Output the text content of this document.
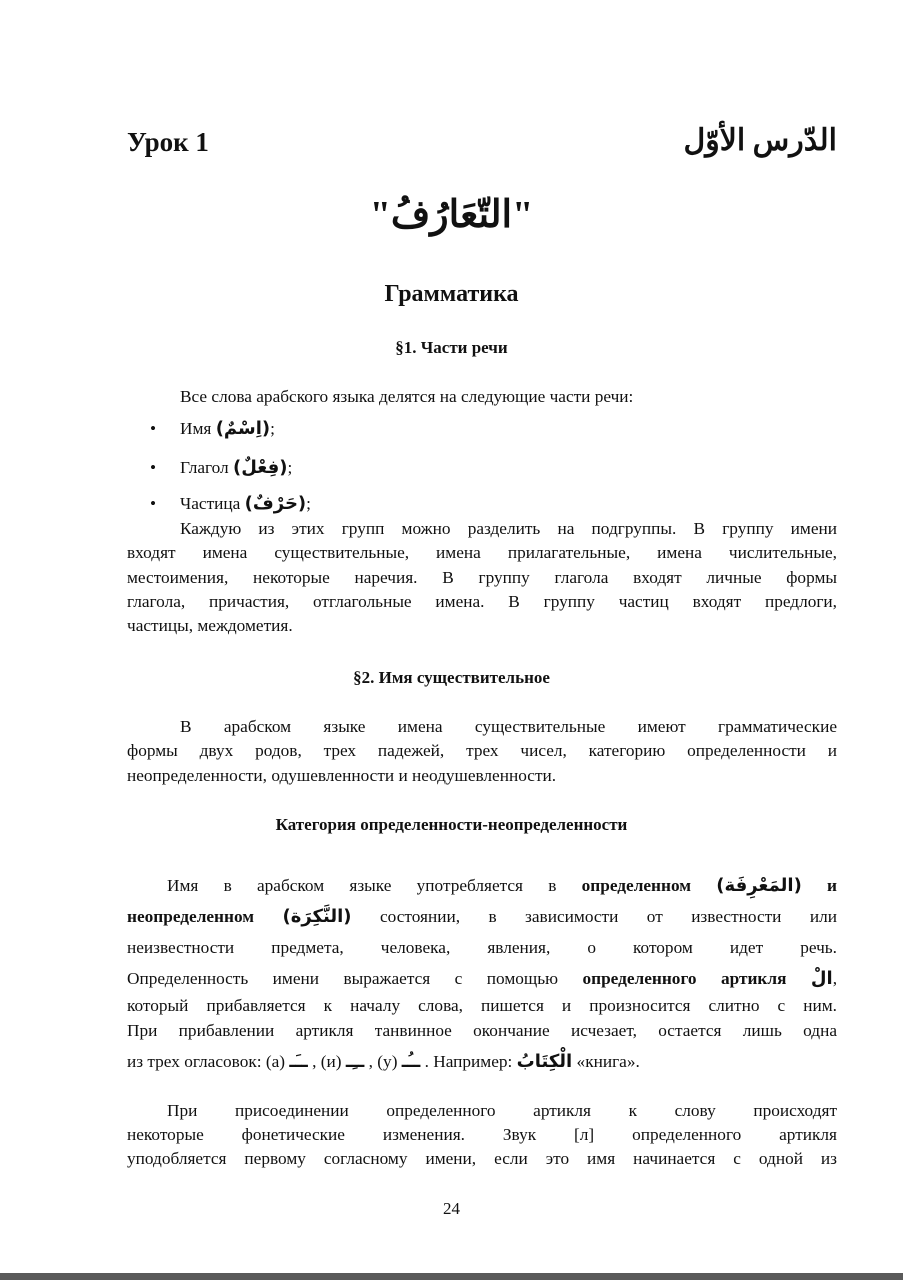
Урок 1	الدّرس الأوّل
"التّعَارُفُ"
Грамматика
§1. Части речи
Все слова арабского языка делятся на следующие части речи:
• Имя (اِسْمٌ);
• Глагол (فِعْلٌ);
• Частица (حَرْفٌ);
Каждую из этих групп можно разделить на подгруппы. В группу имени
входят имена существительные, имена прилагательные, имена числительные,
местоимения, некоторые наречия. В группу глагола входят личные формы
глагола, причастия, отглагольные имена. В группу частиц входят предлоги,
частицы, междометия.
§2. Имя существительное
В арабском языке имена существительные имеют грамматические
формы двух родов, трех падежей, трех чисел, категорию определенности и
неопределенности, одушевленности и неодушевленности.
Категория определенности-неопределенности
Имя в арабском языке употребляется в определенном (المَعْرِفَة) и
неопределенном (النَّكِرَة) состоянии, в зависимости от известности или
неизвестности предмета, человека, явления, о котором идет речь.
Определенность имени выражается с помощью определенного артикля الْ,
который прибавляется к началу слова, пишется и произносится слитно с ним.
При прибавлении артикля танвинное окончание исчезает, остается лишь одна
из трех огласовок: (а) ــَـ , (и) ــِـ , (у) ــُـ . Например: الْكِتَابُ «книга».
При присоединении определенного артикля к слову происходят
некоторые фонетические изменения. Звук [л] определенного артикля
уподобляется первому согласному имени, если это имя начинается с одной из
24
